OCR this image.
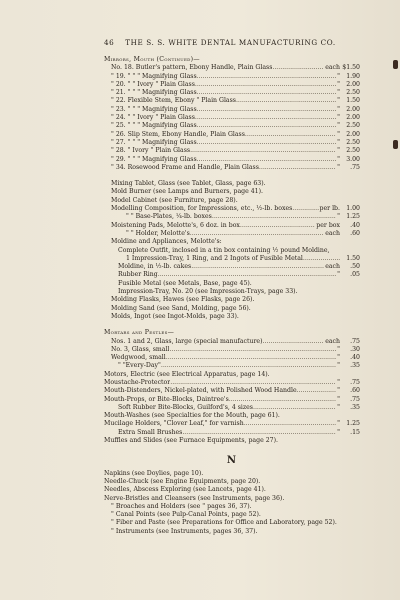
46 THE S. S. WHITE DENTAL MANUFACTURING CO.
Mirrors, Mouth (Continued)—
No. 18. Butler's pattern, Ebony Handle, Plain Glass .....	each $1.50
" 19. " " " Magnifying Glass .....	"	1.90
" 20. " " Ivory " Plain Glass .....	"	2.00
" 21. " " " Magnifying Glass .....	"	2.50
" 22. Flexible Stem, Ebony " Plain Glass .....	"	1.50
" 23. " " " Magnifying Glass .....	"	2.00
" 24. " " Ivory " Plain Glass .....	"	2.00
" 25. " " " Magnifying Glass .....	"	2.50
" 26. Slip Stem, Ebony Handle, Plain Glass .....	"	2.00
" 27. " " " Magnifying Glass .....	"	2.50
" 28. " Ivory " Plain Glass .....	"	2.50
" 29. " " " Magnifying Glass .....	"	3.00
" 34. Rosewood Frame and Handle, Plain Glass .....	"	.75
Mixing Tablet, Glass (see Tablet, Glass, page 63).
Mold Burner (see Lamps and Burners, page 41).
Model Cabinet (see Furniture, page 28).
Modelling Composition, for Impressions, etc., ½-lb. boxes .....	per lb.	1.00
" " Base-Plates, ¼-lb. boxes .....	"	1.25
Moistening Pads, Melotte's, 6 doz. in box .....	per box	.40
" " Holder, Melotte's .....	each	.60
Moldine and Appliances, Melotte's:
Complete Outfit, inclosed in a tin box containing ½ pound Moldine,
1 Impression-Tray, 1 Ring, and 2 Ingots of Fusible Metal .....	1.50
Moldine, in ½-lb. cakes .....	each	.50
Rubber Ring .....	"	.05
Fusible Metal (see Metals, Base, page 45).
Impression-Tray, No. 20 (see Impression-Trays, page 33).
Molding Flasks, Hawes (see Flasks, page 26).
Molding Sand (see Sand, Molding, page 56).
Molds, Ingot (see Ingot-Molds, page 33).
Mortars and Pestles—
Nos. 1 and 2, Glass, large (special manufacture) .....	each	.75
No. 3, Glass, small .....	"	.30
Wedgwood, small .....	"	.40
" "Every-Day" .....	"	.35
Motors, Electric (see Electrical Apparatus, page 14).
Moustache-Protector .....	"	.75
Mouth-Distenders, Nickel-plated, with Polished Wood Handle .....	"	.60
Mouth-Props, or Bite-Blocks, Daintree's .....	"	.75
Soft Rubber Bite-Blocks, Guilford's, 4 sizes .....	"	.35
Mouth-Washes (see Specialties for the Mouth, page 61).
Mucilage Holders, "Clover Leaf," for varnish .....	"	1.25
Extra Small Brushes .....	"	.15
Muffles and Slides (see Furnace Equipments, page 27).
N
Napkins (see Doylies, page 10).
Needle-Chuck (see Engine Equipments, page 20).
Needles, Abscess Exploring (see Lancets, page 41).
Nerve-Bristles and Cleansers (see Instruments, page 36).
" Broaches and Holders (see " pages 36, 37).
" Canal Points (see Pulp-Canal Points, page 52).
" Fiber and Paste (see Preparations for Office and Laboratory, page 52).
" Instruments (see Instruments, pages 36, 37).
